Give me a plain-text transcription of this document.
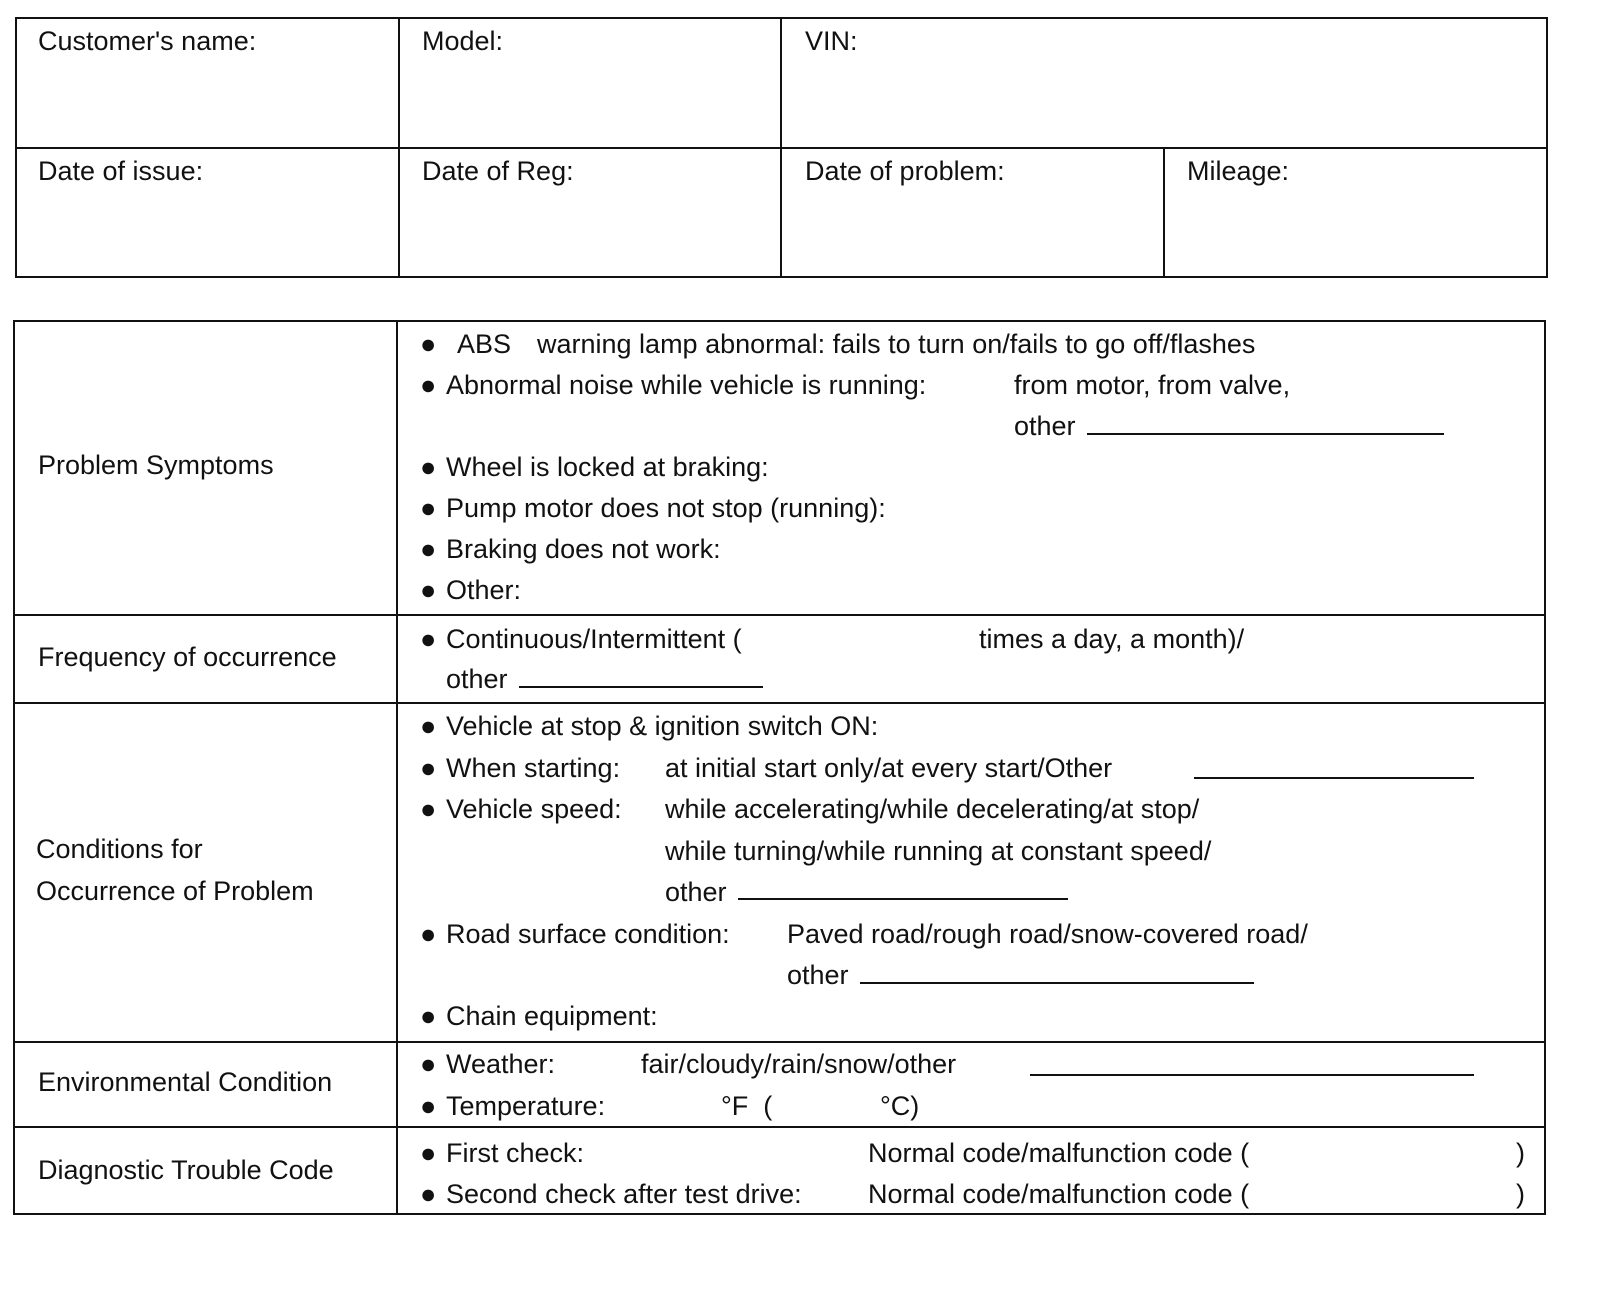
Customer's name:	Model:	VIN:
Date of issue:	Date of Reg:	Date of problem:	Mileage:
Problem Symptoms
● ABS warning lamp abnormal: fails to turn on/fails to go off/flashes
● Abnormal noise while vehicle is running:	from motor, from valve,
other
● Wheel is locked at braking:
● Pump motor does not stop (running):
● Braking does not work:
● Other:
Frequency of occurrence
● Continuous/Intermittent (	times a day, a month)/
other
Conditions for
Occurrence of Problem
● Vehicle at stop & ignition switch ON:
● When starting: at initial start only/at every start/Other
● Vehicle speed: while accelerating/while decelerating/at stop/
while turning/while running at constant speed/
other
● Road surface condition: Paved road/rough road/snow-covered road/
other
● Chain equipment:
Environmental Condition
● Weather:	fair/cloudy/rain/snow/other
● Temperature:	°F  (	°C)
Diagnostic Trouble Code
● First check:	Normal code/malfunction code (	)
● Second check after test drive: Normal code/malfunction code (	)
